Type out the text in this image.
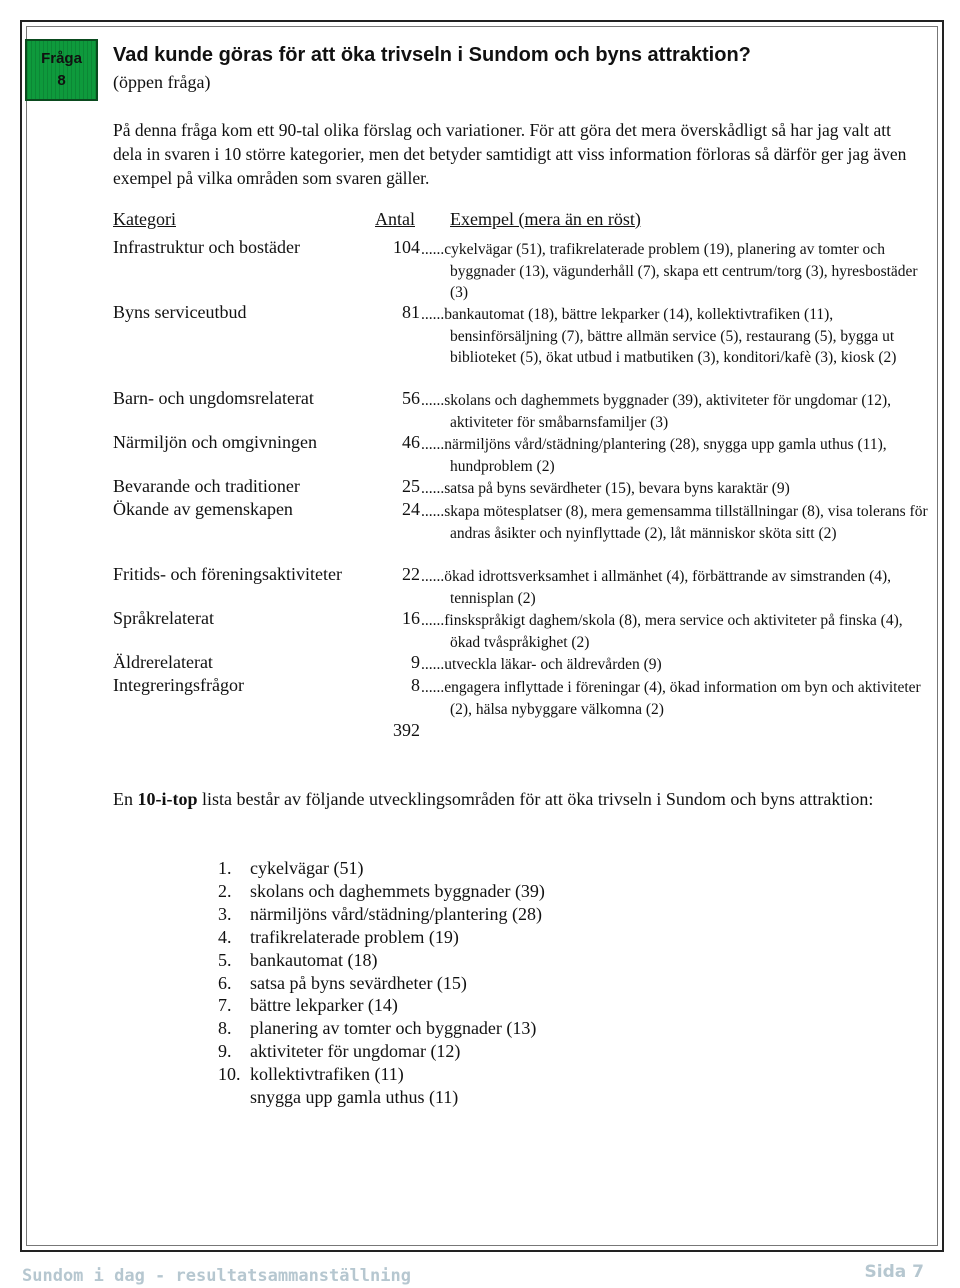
Fråga
8
Vad kunde göras för att öka trivseln i Sundom och byns attraktion?
(öppen fråga)
På denna fråga kom ett 90-tal olika förslag och variationer. För att göra det mera överskådligt så har jag valt att dela in svaren i 10 större kategorier, men det betyder samtidigt att viss information förloras så därför ger jag även exempel på vilka områden som svaren gäller.
Kategori	Antal Exempel (mera än en röst)
Infrastruktur och bostäder	104 ......cykelvägar (51), trafikrelaterade problem (19), planering av tomter och byggnader (13), vägunderhåll (7), skapa ett centrum/torg (3), hyresbostäder (3)
Byns serviceutbud	81 ......bankautomat (18), bättre lekparker (14), kollektivtrafiken (11), bensinförsäljning (7), bättre allmän service (5), restaurang (5), bygga ut biblioteket (5), ökat utbud i matbutiken (3), konditori/kafè (3), kiosk (2)
Barn- och ungdomsrelaterat	56 ......skolans och daghemmets byggnader (39), aktiviteter för ungdomar (12), aktiviteter för småbarnsfamiljer (3)
Närmiljön och omgivningen	46 ......närmiljöns vård/städning/plantering (28), snygga upp gamla uthus (11), hundproblem (2)
Bevarande och traditioner	25 ......satsa på byns sevärdheter (15), bevara byns karaktär (9)
Ökande av gemenskapen	24 ......skapa mötesplatser (8), mera gemensamma tillställningar (8), visa tolerans för andras åsikter och nyinflyttade (2), låt människor sköta sitt (2)
Fritids- och föreningsaktiviteter	22 ......ökad idrottsverksamhet i allmänhet (4), förbättrande av simstranden (4), tennisplan (2)
Språkrelaterat	16 ......finskspråkigt daghem/skola (8), mera service och aktiviteter på finska (4), ökad tvåspråkighet (2)
Äldrerelaterat	9 ......utveckla läkar- och äldrevården (9)
Integreringsfrågor	8 ......engagera inflyttade i föreningar (4), ökad information om byn och aktiviteter (2), hälsa nybyggare välkomna (2)
392
En 10-i-top lista består av följande utvecklingsområden för att öka trivseln i Sundom och byns attraktion:
1.	cykelvägar (51)
2.	skolans och daghemmets byggnader (39)
3.	närmiljöns vård/städning/plantering (28)
4.	trafikrelaterade problem (19)
5.	bankautomat (18)
6.	satsa på byns sevärdheter (15)
7.	bättre lekparker (14)
8.	planering av tomter och byggnader (13)
9.	aktiviteter för ungdomar (12)
10. kollektivtrafiken (11)
snygga upp gamla uthus (11)
Sundom i dag - resultatsammanställning	Sida 7
